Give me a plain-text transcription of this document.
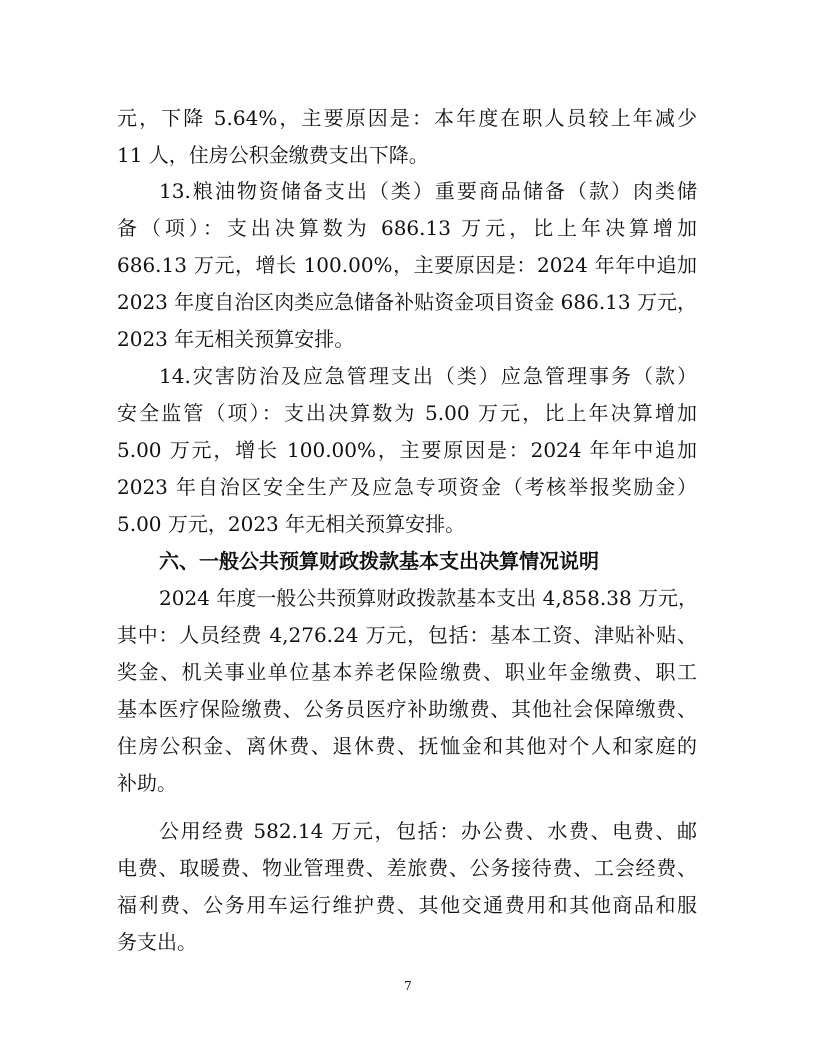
元，下降 5.64%，主要原因是：本年度在职人员较上年减少
11 人，住房公积金缴费支出下降。
13.粮油物资储备支出（类）重要商品储备（款）肉类储
备（项）：支出决算数为 686.13 万元，比上年决算增加
686.13 万元，增长 100.00%，主要原因是：2024 年年中追加
2023 年度自治区肉类应急储备补贴资金项目资金 686.13 万元，
2023 年无相关预算安排。
14.灾害防治及应急管理支出（类）应急管理事务（款）
安全监管（项）：支出决算数为 5.00 万元，比上年决算增加
5.00 万元，增长 100.00%，主要原因是：2024 年年中追加
2023 年自治区安全生产及应急专项资金（考核举报奖励金）
5.00 万元，2023 年无相关预算安排。
六、一般公共预算财政拨款基本支出决算情况说明
2024 年度一般公共预算财政拨款基本支出 4,858.38 万元，
其中：人员经费 4,276.24 万元，包括：基本工资、津贴补贴、
奖金、机关事业单位基本养老保险缴费、职业年金缴费、职工
基本医疗保险缴费、公务员医疗补助缴费、其他社会保障缴费、
住房公积金、离休费、退休费、抚恤金和其他对个人和家庭的
补助。
公用经费 582.14 万元，包括：办公费、水费、电费、邮
电费、取暖费、物业管理费、差旅费、公务接待费、工会经费、
福利费、公务用车运行维护费、其他交通费用和其他商品和服
务支出。
7
